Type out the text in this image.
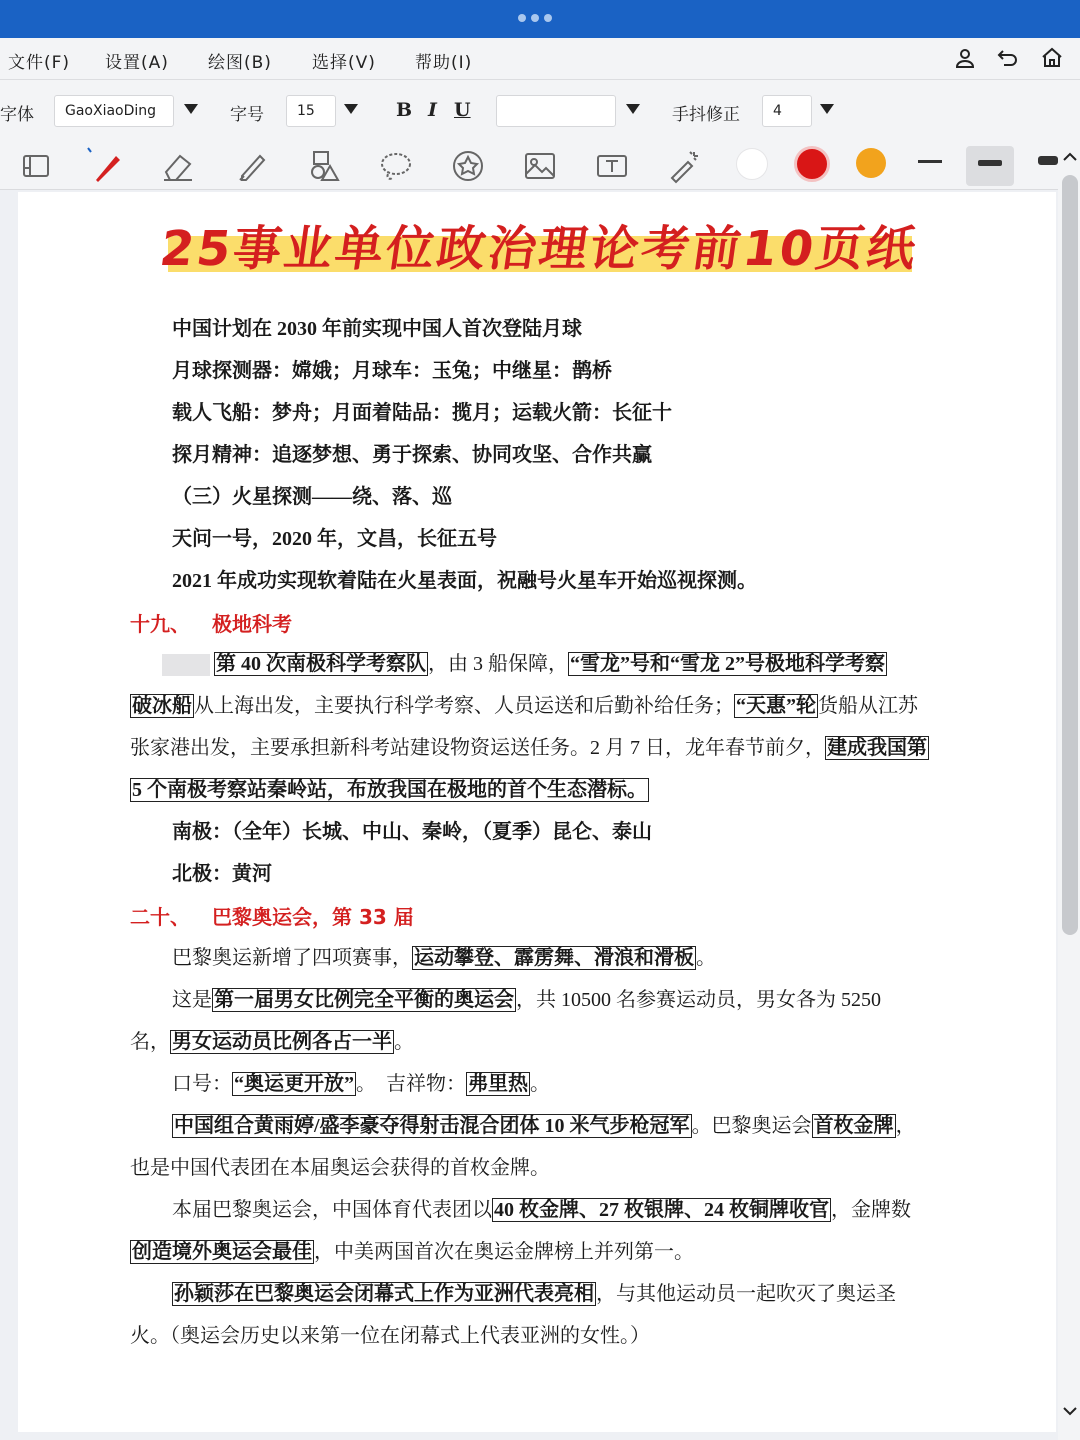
文件(F) 设置(A) 绘图(B) 选择(V) 帮助(I)
字体	GaoXiaoDing	字号	15	B I U	手抖修正	4
25事业单位政治理论考前10页纸
中国计划在 2030 年前实现中国人首次登陆月球
月球探测器：嫦娥；月球车：玉兔；中继星：鹊桥
载人飞船：梦舟；月面着陆品：揽月；运载火箭：长征十
探月精神：追逐梦想、勇于探索、协同攻坚、合作共赢
（三）火星探测——绕、落、巡
天问一号，2020 年，文昌，长征五号
2021 年成功实现软着陆在火星表面，祝融号火星车开始巡视探测。
十九、 极地科考
第 40 次南极科学考察队 ，由 3 船保障， “雪龙”号和“雪龙 2”号极地科学考察
破冰船 从上海出发，主要执行科学考察、人员运送和后勤补给任务； “天惠”轮 货船从江苏
张家港出发，主要承担新科考站建设物资运送任务。2 月 7 日，龙年春节前夕， 建成我国第
5 个南极考察站秦岭站，布放我国在极地的首个生态潜标。
南极：（全年）长城、中山、秦岭，（夏季）昆仑、泰山
北极：黄河
二十、 巴黎奥运会，第 33 届
巴黎奥运新增了四项赛事， 运动攀登、霹雳舞、滑浪和滑板 。
这是 第一届男女比例完全平衡的奥运会 ，共 10500 名参赛运动员，男女各为 5250
名， 男女运动员比例各占一半 。
口号： “奥运更开放” 。　吉祥物： 弗里热 。
中国组合黄雨婷/盛李豪夺得射击混合团体 10 米气步枪冠军 。巴黎奥运会 首枚金牌 ，
也是中国代表团在本届奥运会获得的首枚金牌。
本届巴黎奥运会，中国体育代表团以 40 枚金牌、27 枚银牌、24 枚铜牌收官 ，金牌数
创造境外奥运会最佳 ，中美两国首次在奥运金牌榜上并列第一。
孙颖莎在巴黎奥运会闭幕式上作为亚洲代表亮相 ，与其他运动员一起吹灭了奥运圣
火。（奥运会历史以来第一位在闭幕式上代表亚洲的女性。）
